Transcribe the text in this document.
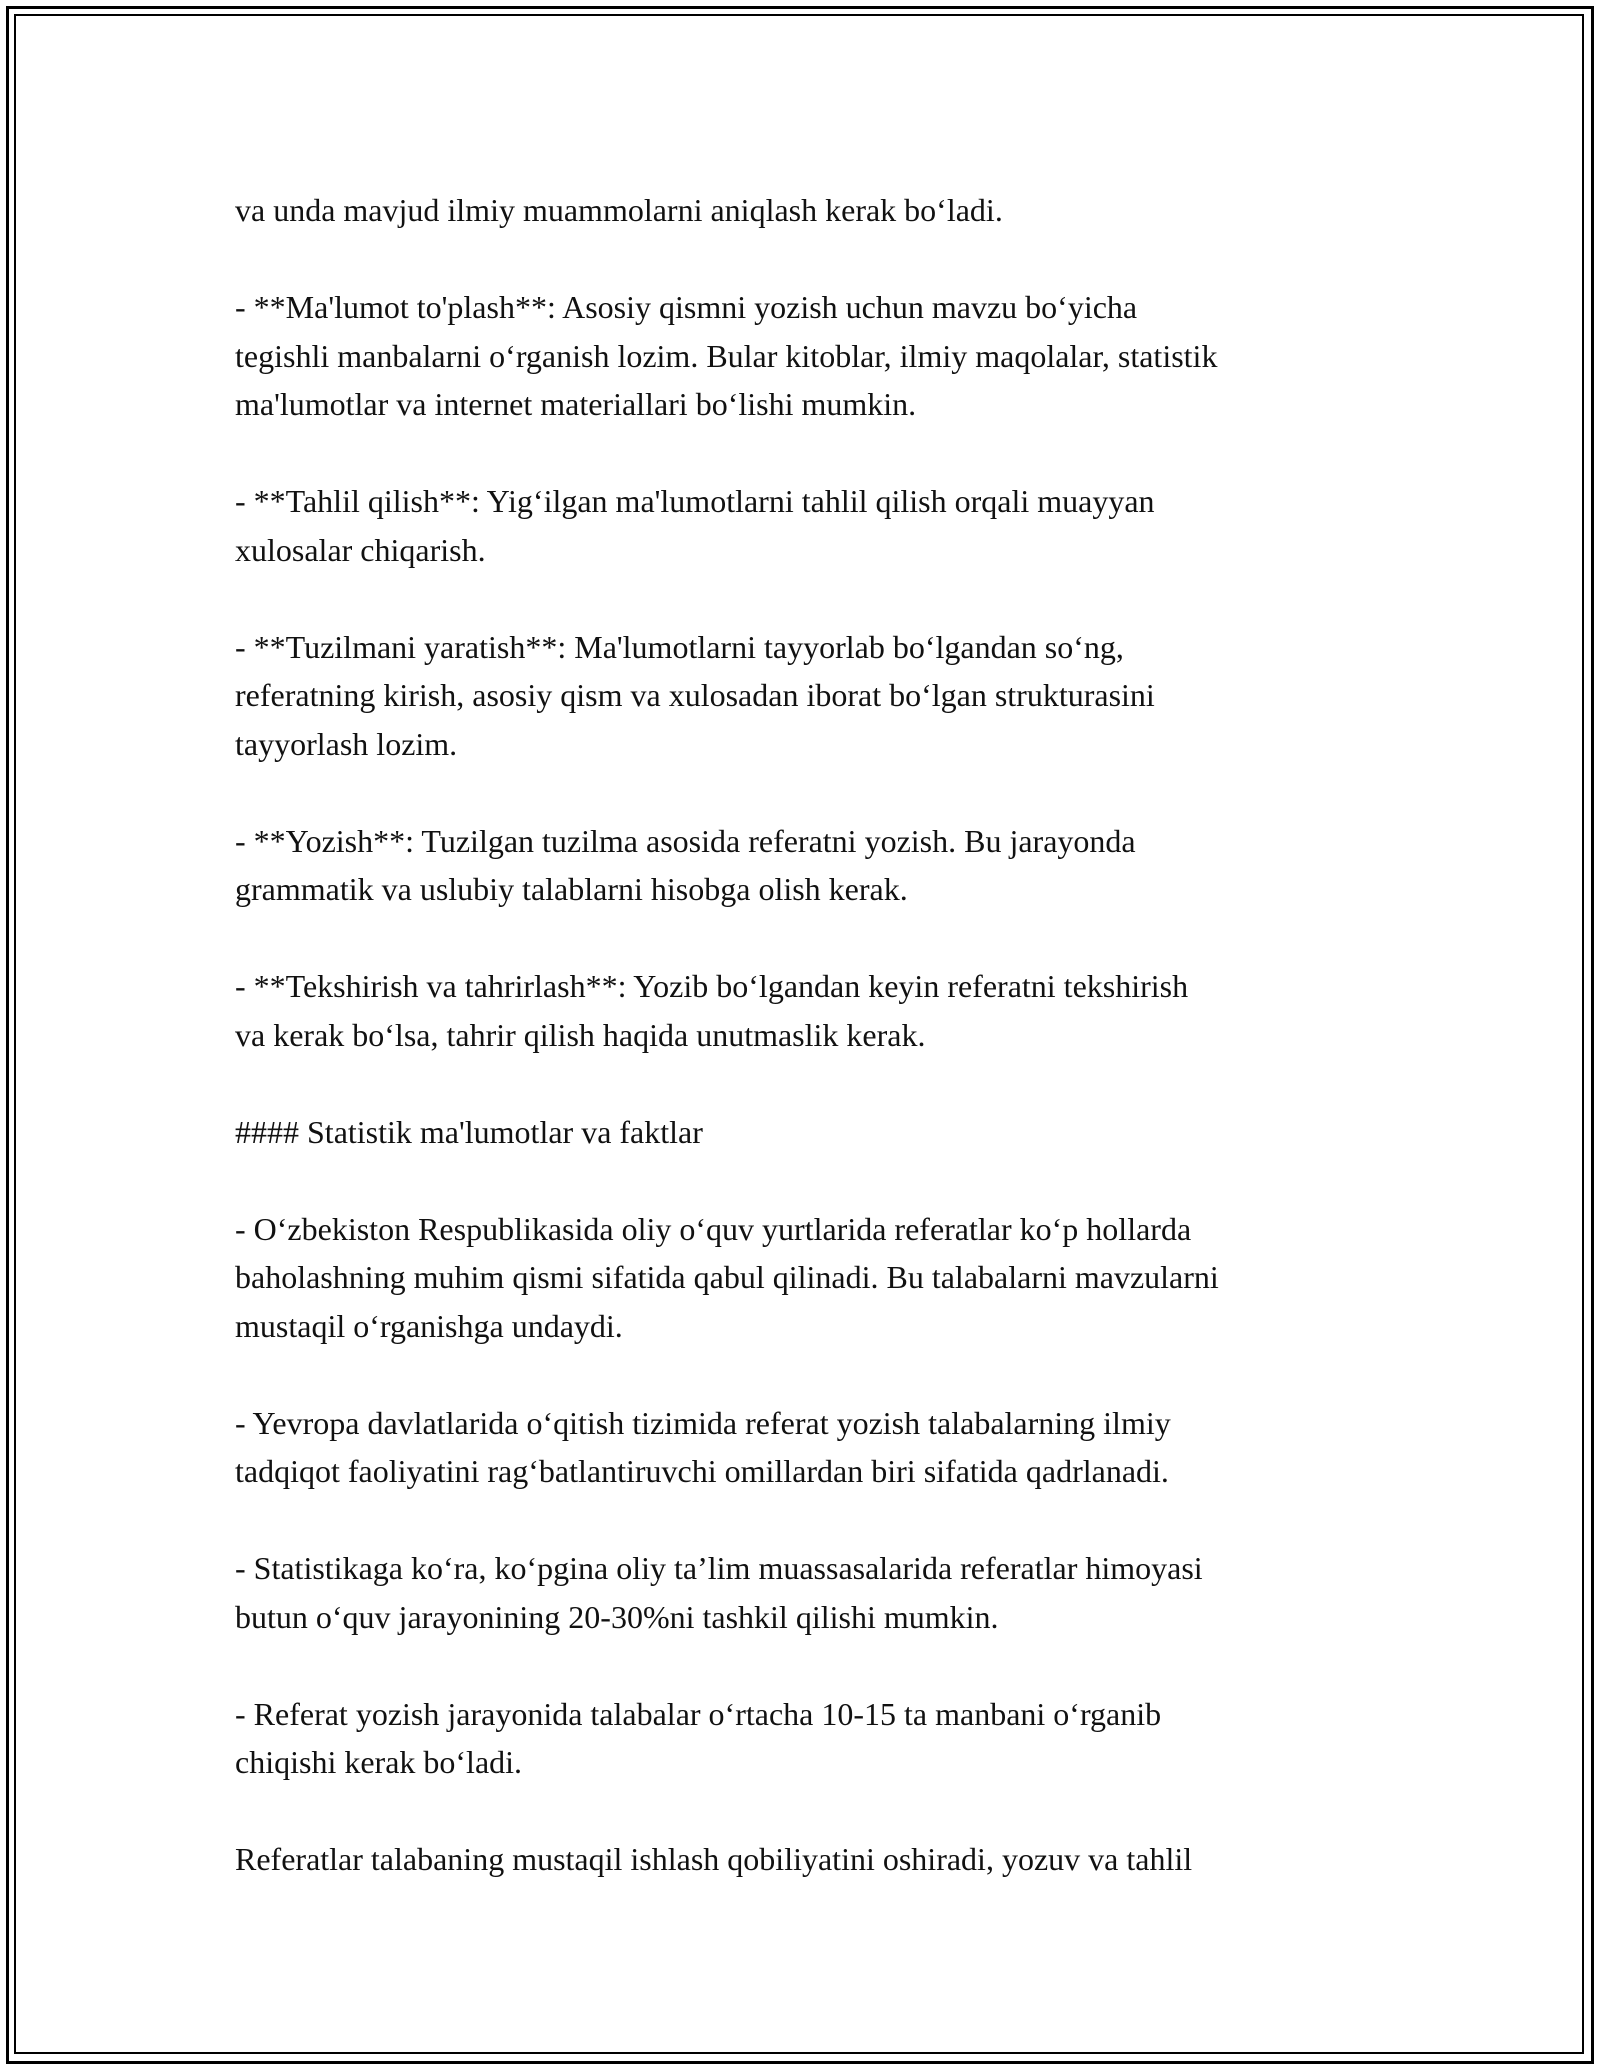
va unda mavjud ilmiy muammolarni aniqlash kerak bo‘ladi.

- **Ma'lumot to'plash**: Asosiy qismni yozish uchun mavzu bo‘yicha
tegishli manbalarni o‘rganish lozim. Bular kitoblar, ilmiy maqolalar, statistik
ma'lumotlar va internet materiallari bo‘lishi mumkin.

- **Tahlil qilish**: Yig‘ilgan ma'lumotlarni tahlil qilish orqali muayyan
xulosalar chiqarish.

- **Tuzilmani yaratish**: Ma'lumotlarni tayyorlab bo‘lgandan so‘ng,
referatning kirish, asosiy qism va xulosadan iborat bo‘lgan strukturasini
tayyorlash lozim.

- **Yozish**: Tuzilgan tuzilma asosida referatni yozish. Bu jarayonda
grammatik va uslubiy talablarni hisobga olish kerak.

- **Tekshirish va tahrirlash**: Yozib bo‘lgandan keyin referatni tekshirish
va kerak bo‘lsa, tahrir qilish haqida unutmaslik kerak.

#### Statistik ma'lumotlar va faktlar

- O‘zbekiston Respublikasida oliy o‘quv yurtlarida referatlar ko‘p hollarda
baholashning muhim qismi sifatida qabul qilinadi. Bu talabalarni mavzularni
mustaqil o‘rganishga undaydi.

- Yevropa davlatlarida o‘qitish tizimida referat yozish talabalarning ilmiy
tadqiqot faoliyatini rag‘batlantiruvchi omillardan biri sifatida qadrlanadi.

- Statistikaga ko‘ra, ko‘pgina oliy ta’lim muassasalarida referatlar himoyasi
butun o‘quv jarayonining 20-30%ni tashkil qilishi mumkin.

- Referat yozish jarayonida talabalar o‘rtacha 10-15 ta manbani o‘rganib
chiqishi kerak bo‘ladi.

Referatlar talabaning mustaqil ishlash qobiliyatini oshiradi, yozuv va tahlil
